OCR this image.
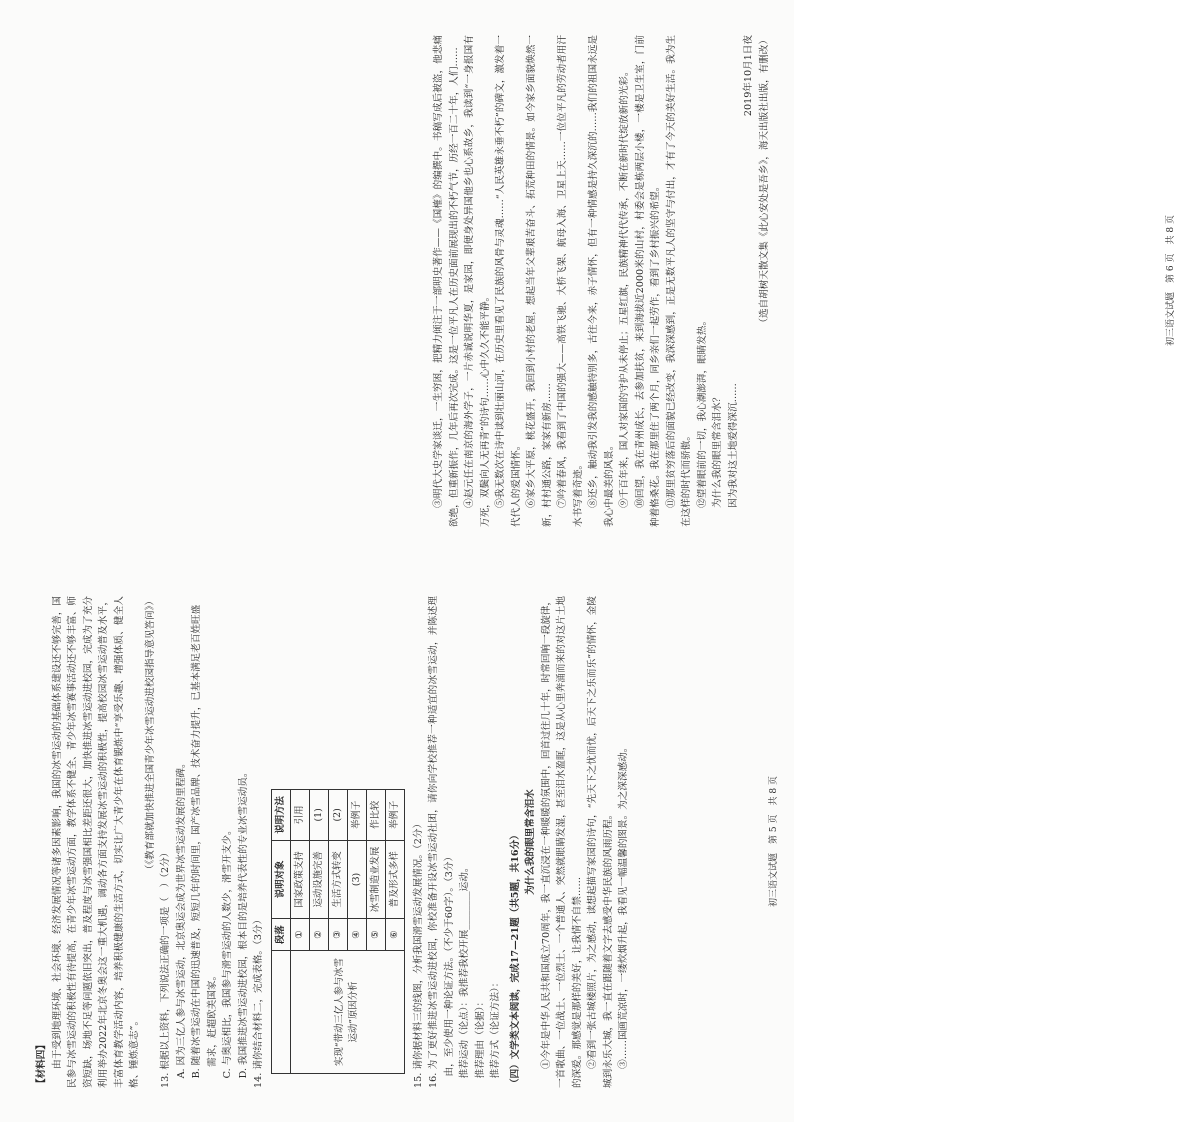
【材料四】 由于受到地理环境、社会环境、经济发展情况等诸多因素影响，我国的冰雪运动的基础体系建设还不够完善，国民参与冰雪运动的积极性有待提高，在青少年冰雪运动方面，教学体系不健全、青少年冰雪赛事活动还不够丰富、师资短缺，场地不足等问题依旧突出，普及程度与冰雪强国相比差距还很大，加快推进冰雪运动进校园，完成为了充分利用举办2022年北京冬奥会这一重大机遇，调动各方面支持发展冰雪运动的积极性，提高校园冰雪运动普及水平，丰富体育教学活动内容，培养积极健康的生活方式，切实让广大青少年在体育锻炼中“享受乐趣、增强体质、健全人格、锤炼意志”。

（《教育部就加快推进全国青少年冰雪运动进校园指导意见答问》）

13. 根据以上资料，下列说法正确的一项是（　）（2分） A. 因为三亿人参与冰雪运动，北京奥运会成为世界冰雪运动发展的里程碑。 B. 随着冰雪运动在中国的迅速普及，短短几年的时间里，国产冰雪品牌、技术奋力提升，已基本满足老百姓旺盛需求，赶超欧美国家。 C. 与奥运相比，我国参与滑雪运动的人数少，滑雪开支少。 D. 我国推进冰雪运动进校园，根本目的是培养代表性的专业冰雪运动员。 14. 请你结合材料二，完成表格。（3分）

	段落	说明对象	说明方法
实现“带动三亿人参与冰雪运动”原因分析	①	国家政策支持	引用
	②	运动设施完善	(1)
	③	生活方式转变	(2)
	④	(3)	举例子
	⑤	冰雪制造业发展	作比较
	⑥	普及形式多样	举例子

15. 请你据材料三的线图，分析我国滑雪运动发展情况。（2分） 16. 为了更好推进冰雪运动进校园，你校准备开设冰雪运动社团，请你向学校推荐一种适宜的冰雪运动，并陈述理由，至少使用一种论证方法。（不少于60字）。（3分） 推荐运动（论点）：我推荐我校开展________运动。 推荐理由（论据）： 推荐方式（论证方法）： （四）文学类文本阅读，完成17—21题（共5题，共16分） 为什么我的眼里常含泪水 ①今年是中华人民共和国成立70周年，我一直沉浸在一种暖暖的氛围中，回首过往几十年，时常回响一段旋律，一首歌曲、一位战士、一位烈士、一个普通人、突然就眼睛发湿，甚至泪水盈眶，这是从心里奔涌而来的对这片土地的深爱。那感觉是那样的美好，让我情不自禁…… ②看到一张古城楼照片，为之感动，读想起描写家园的诗句，“先天下之忧而忧，后天下之乐而乐”的情怀，金陵城到永乐大城，我一直在跟随着文字去感受中华民族的风雨历程。 ③……国画荒凉时，一缕炊烟升起，我看见一幅温馨的图景。为之深深感动。	初三语文试题　第 5 页　共 8 页

③明代大史学家谈迁，一生穷困，把精力倾注于一部明史著作——《国榷》的编撰中。书稿写成后被盗，他悲痛欲绝，但重新振作，几年后再次完成。这是一位平凡人在历史面前展现出的不朽气节，历经一百二十年，人们…… ④赵元任在南京的海外学子，一片赤诚说明华夏，是家园，即便身处异国他乡也心系故乡，我读到“一身报国有万死，双鬓向人无再青”的诗句……心中久久不能平静。 ⑤我无数次在诗中读到壮丽山河，在历史里看见了民族的风骨与灵魂……“人民英雄永垂不朽”的碑文，激发着一代代人的爱国情怀。 ⑥家乡大平原，桃花盛开，我回到小村的老屋，想起当年父辈艰苦奋斗、拓荒种田的情景。如今家乡面貌焕然一新，村村通公路，家家有新房…… ⑦吟着春风，我看到了中国的强大——高铁飞驰、大桥飞架、航母入海、卫星上天……一位位平凡的劳动者用汗水书写着奇迹。 ⑧还乡，触动我引发我的感触特别多，古往今来，赤子情怀，但有一种情感是持久深沉的……我们的祖国永远是我心中最美的风景。 ⑨千百年来，国人对家国的守护从未停止；五星红旗，民族精神代代传承，不断在新时代绽放新的光彩。 ⑩回望，我在青州成长，去参加扶贫，来到海拔近2000米的山村，村委会是栋两层小楼，一楼是卫生室，门前种着格桑花。我在那里住了两个月，同乡亲们一起劳作，看到了乡村振兴的希望。 ⑪那里贫穷落后的面貌已经改变，我深深感到，正是无数平凡人的坚守与付出，才有了今天的美好生活。我为生在这样的时代而骄傲。 ⑫望着眼前的一切，我心潮澎湃，眼睛发热。 为什么我的眼里常含泪水？ 因为我对这土地爱得深沉……

2019年10月1日夜 （选自胡树天散文集《此心安处是吾乡》，海天出版社出版，有删改）	初三语文试题　第 6 页　共 8 页
